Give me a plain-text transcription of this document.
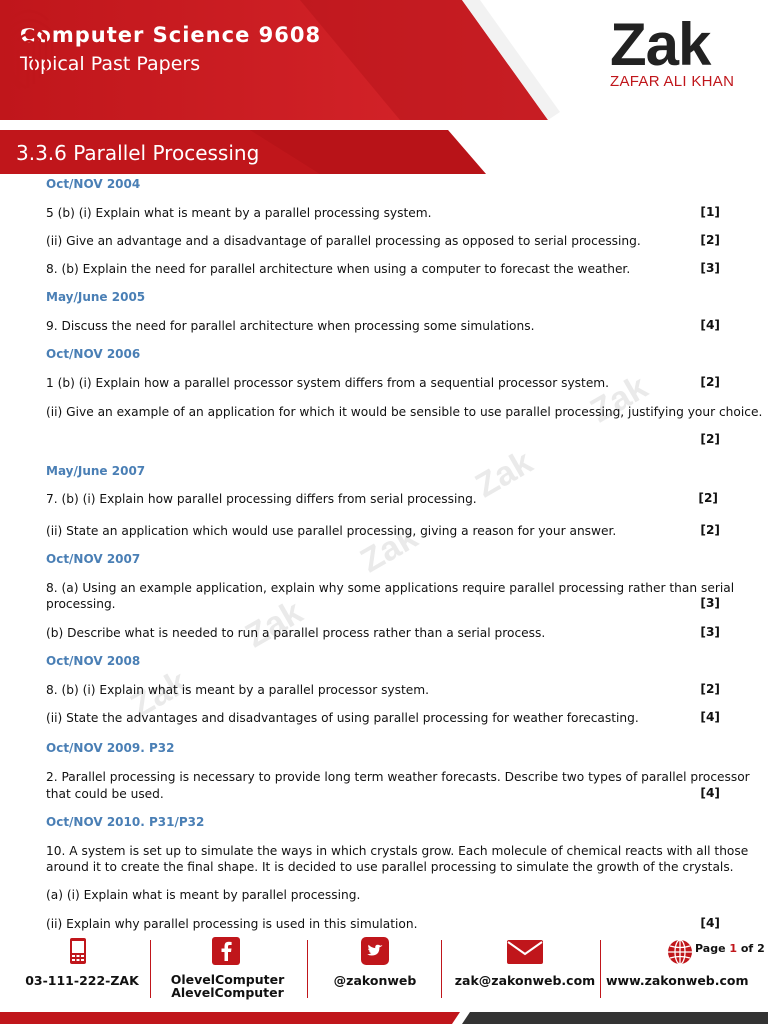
Computer Science 9608
Topical Past Papers	Zak
ZAFAR ALI KHAN
3.3.6 Parallel Processing
Zak
Zak
Zak
Zak
Zak
Oct/NOV 2004
5 (b) (i) Explain what is meant by a parallel processing system.	[1]
(ii) Give an advantage and a disadvantage of parallel processing as opposed to serial processing.	[2]
8. (b) Explain the need for parallel architecture when using a computer to forecast the weather.	[3]
May/June 2005
9. Discuss the need for parallel architecture when processing some simulations.	[4]
Oct/NOV 2006
1 (b) (i) Explain how a parallel processor system differs from a sequential processor system.	[2]
(ii) Give an example of an application for which it would be sensible to use parallel processing, justifying your choice.
[2]
May/June 2007
7. (b) (i) Explain how parallel processing differs from serial processing.	[2]
(ii) State an application which would use parallel processing, giving a reason for your answer.	[2]
Oct/NOV 2007
8. (a) Using an example application, explain why some applications require parallel processing rather than serial
processing.	[3]
(b) Describe what is needed to run a parallel process rather than a serial process.	[3]
Oct/NOV 2008
8. (b) (i) Explain what is meant by a parallel processor system.	[2]
(ii) State the advantages and disadvantages of using parallel processing for weather forecasting.	[4]
Oct/NOV 2009. P32
2. Parallel processing is necessary to provide long term weather forecasts. Describe two types of parallel processor
that could be used.	[4]
Oct/NOV 2010. P31/P32
10. A system is set up to simulate the ways in which crystals grow. Each molecule of chemical reacts with all those
around it to create the final shape. It is decided to use parallel processing to simulate the growth of the crystals.
(a) (i) Explain what is meant by parallel processing.
(ii) Explain why parallel processing is used in this simulation.	[4]
03-111-222-ZAK	OlevelComputer
AlevelComputer
@zakonweb	zak@zakonweb.com
Page 1 of 2
www.zakonweb.com
